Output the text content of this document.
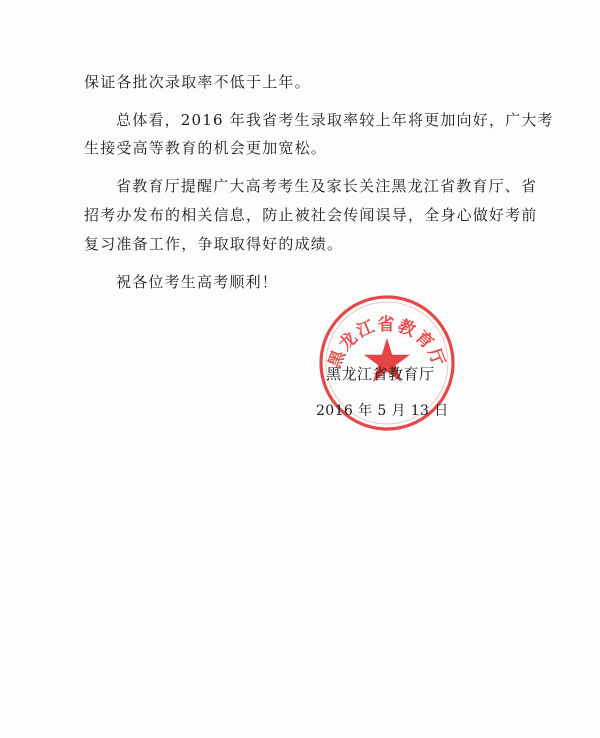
保证各批次录取率不低于上年。
总体看，2016 年我省考生录取率较上年将更加向好，广大考
生接受高等教育的机会更加宽松。
省教育厅提醒广大高考考生及家长关注黑龙江省教育厅、省
招考办发布的相关信息，防止被社会传闻误导，全身心做好考前
复习准备工作，争取取得好的成绩。
祝各位考生高考顺利！
黑龙江省教育厅
黑龙江省教育厅
2016 年 5 月 13 日
